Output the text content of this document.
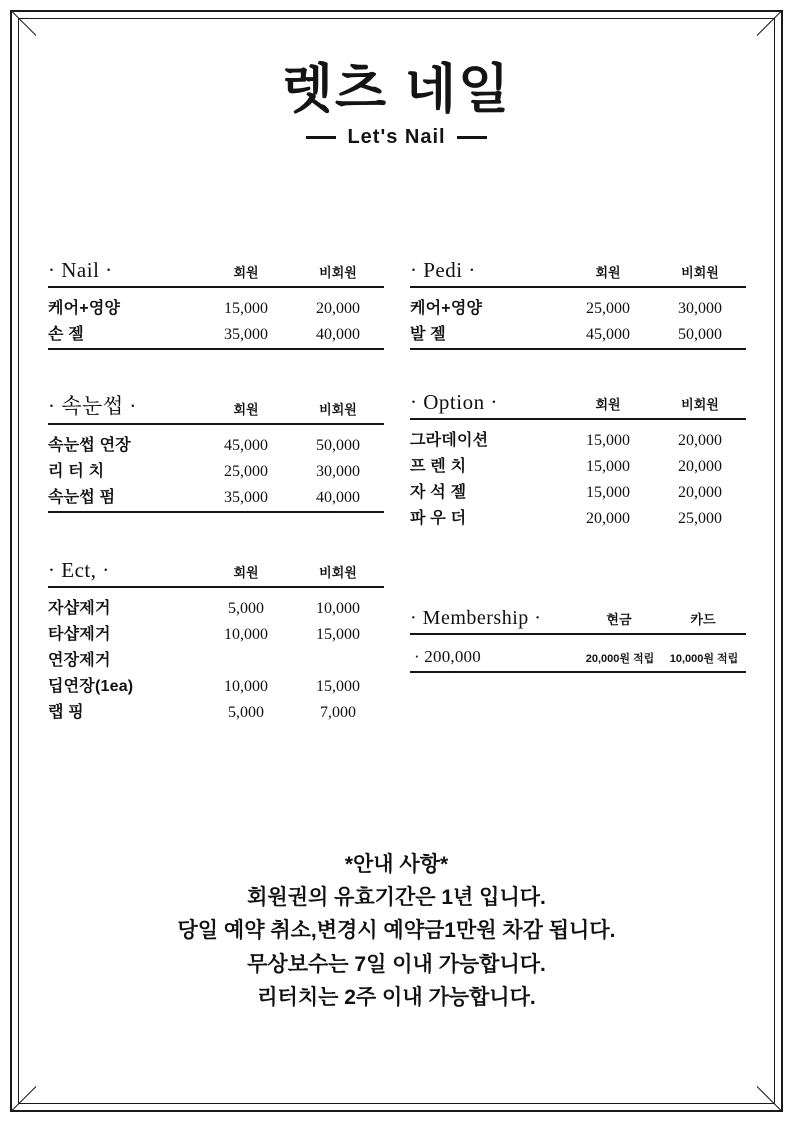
렛츠 네일
Let's Nail
· Nail ·	회원	비회원
케어+영양	15,000	20,000
손 젤	35,000	40,000
· 속눈썹 ·	회원	비회원
속눈썹 연장	45,000	50,000
리 터 치	25,000	30,000
속눈썹 펌	35,000	40,000
· Ect, ·	회원	비회원
자샵제거	5,000	10,000
타샵제거	10,000	15,000
연장제거
딥연장(1ea)	10,000	15,000
랩 핑	5,000	7,000
· Pedi ·	회원	비회원
케어+영양	25,000	30,000
발 젤	45,000	50,000
· Option ·	회원	비회원
그라데이션	15,000	20,000
프 렌 치	15,000	20,000
자 석 젤	15,000	20,000
파 우 더	20,000	25,000
· Membership ·	현금	카드
· 200,000	20,000원 적립	10,000원 적립
*안내 사항*
회원권의 유효기간은 1년 입니다.
당일 예약 취소,변경시 예약금1만원 차감 됩니다.
무상보수는 7일 이내 가능합니다.
리터치는 2주 이내 가능합니다.
